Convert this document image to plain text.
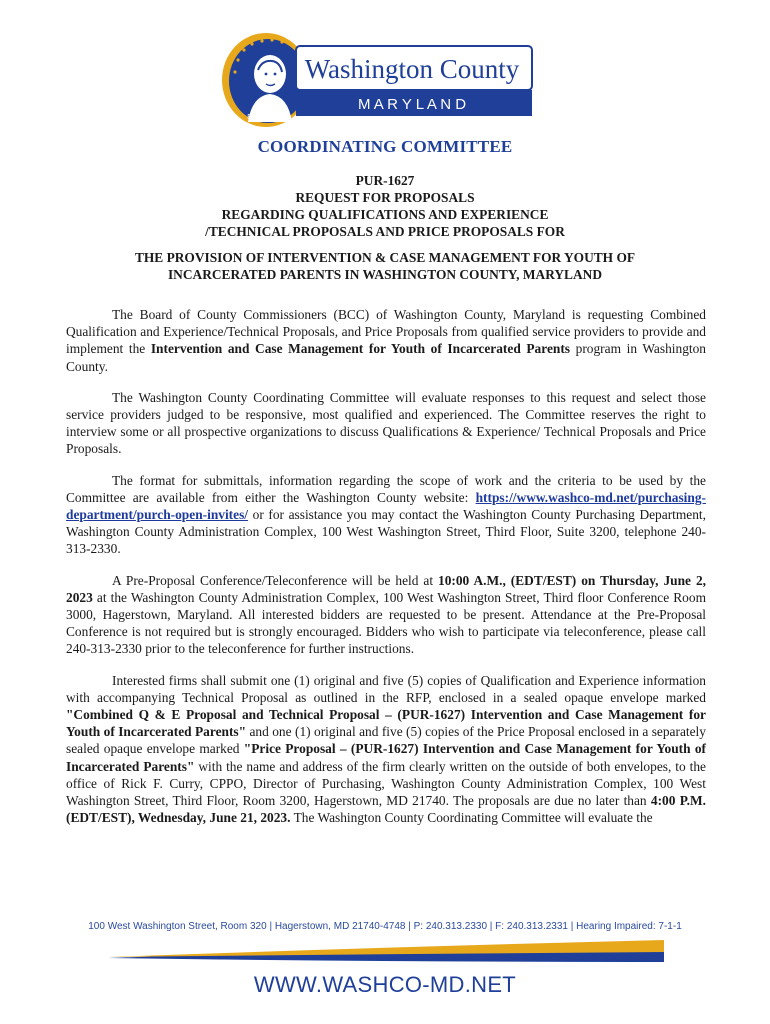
Washington County
M A R Y L A N D
Est. 1776
COORDINATING COMMITTEE
PUR-1627
REQUEST FOR PROPOSALS
REGARDING QUALIFICATIONS AND EXPERIENCE
/TECHNICAL PROPOSALS AND PRICE PROPOSALS FOR
THE PROVISION OF INTERVENTION & CASE MANAGEMENT FOR YOUTH OF
INCARCERATED PARENTS IN WASHINGTON COUNTY, MARYLAND

The Board of County Commissioners (BCC) of Washington County, Maryland is requesting Combined Qualification and Experience/Technical Proposals, and Price Proposals from qualified service providers to provide and implement the Intervention and Case Management for Youth of Incarcerated Parents program in Washington County.

The Washington County Coordinating Committee will evaluate responses to this request and select those service providers judged to be responsive, most qualified and experienced. The Committee reserves the right to interview some or all prospective organizations to discuss Qualifications & Experience/ Technical Proposals and Price Proposals.

The format for submittals, information regarding the scope of work and the criteria to be used by the Committee are available from either the Washington County website: https://www.washco-md.net/purchasing-department/purch-open-invites/ or for assistance you may contact the Washington County Purchasing Department, Washington County Administration Complex, 100 West Washington Street, Third Floor, Suite 3200, telephone 240-313-2330.

A Pre-Proposal Conference/Teleconference will be held at 10:00 A.M., (EDT/EST) on Thursday, June 2, 2023 at the Washington County Administration Complex, 100 West Washington Street, Third floor Conference Room 3000, Hagerstown, Maryland. All interested bidders are requested to be present. Attendance at the Pre-Proposal Conference is not required but is strongly encouraged. Bidders who wish to participate via teleconference, please call 240-313-2330 prior to the teleconference for further instructions.

Interested firms shall submit one (1) original and five (5) copies of Qualification and Experience information with accompanying Technical Proposal as outlined in the RFP, enclosed in a sealed opaque envelope marked "Combined Q & E Proposal and Technical Proposal – (PUR-1627) Intervention and Case Management for Youth of Incarcerated Parents" and one (1) original and five (5) copies of the Price Proposal enclosed in a separately sealed opaque envelope marked "Price Proposal – (PUR-1627) Intervention and Case Management for Youth of Incarcerated Parents" with the name and address of the firm clearly written on the outside of both envelopes, to the office of Rick F. Curry, CPPO, Director of Purchasing, Washington County Administration Complex, 100 West Washington Street, Third Floor, Room 3200, Hagerstown, MD 21740. The proposals are due no later than 4:00 P.M. (EDT/EST), Wednesday, June 21, 2023. The Washington County Coordinating Committee will evaluate the

100 West Washington Street, Room 320 | Hagerstown, MD 21740-4748 | P: 240.313.2330 | F: 240.313.2331 | Hearing Impaired: 7-1-1
WWW.WASHCO-MD.NET
